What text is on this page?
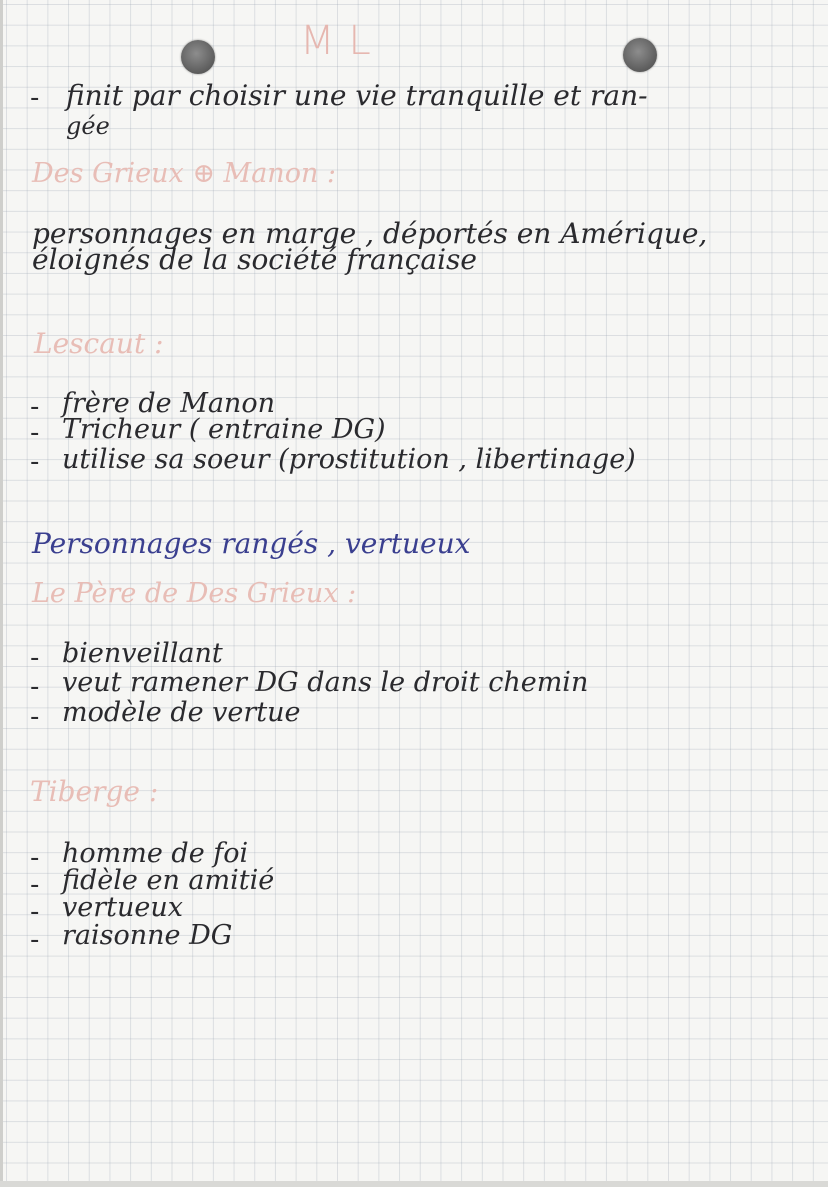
ML
- finit par choisir une vie tranquille et ran-
gée
Des Grieux ⊕ Manon :
personnages en marge , déportés en Amérique,
éloignés de la société française
Lescaut :
- frère de Manon
- Tricheur ( entraine DG)
- utilise sa soeur (prostitution , libertinage)
Personnages rangés , vertueux
Le Père de Des Grieux :
- bienveillant
- veut ramener DG dans le droit chemin
- modèle de vertue
Tiberge :
- homme de foi
- fidèle en amitié
- vertueux
- raisonne DG
